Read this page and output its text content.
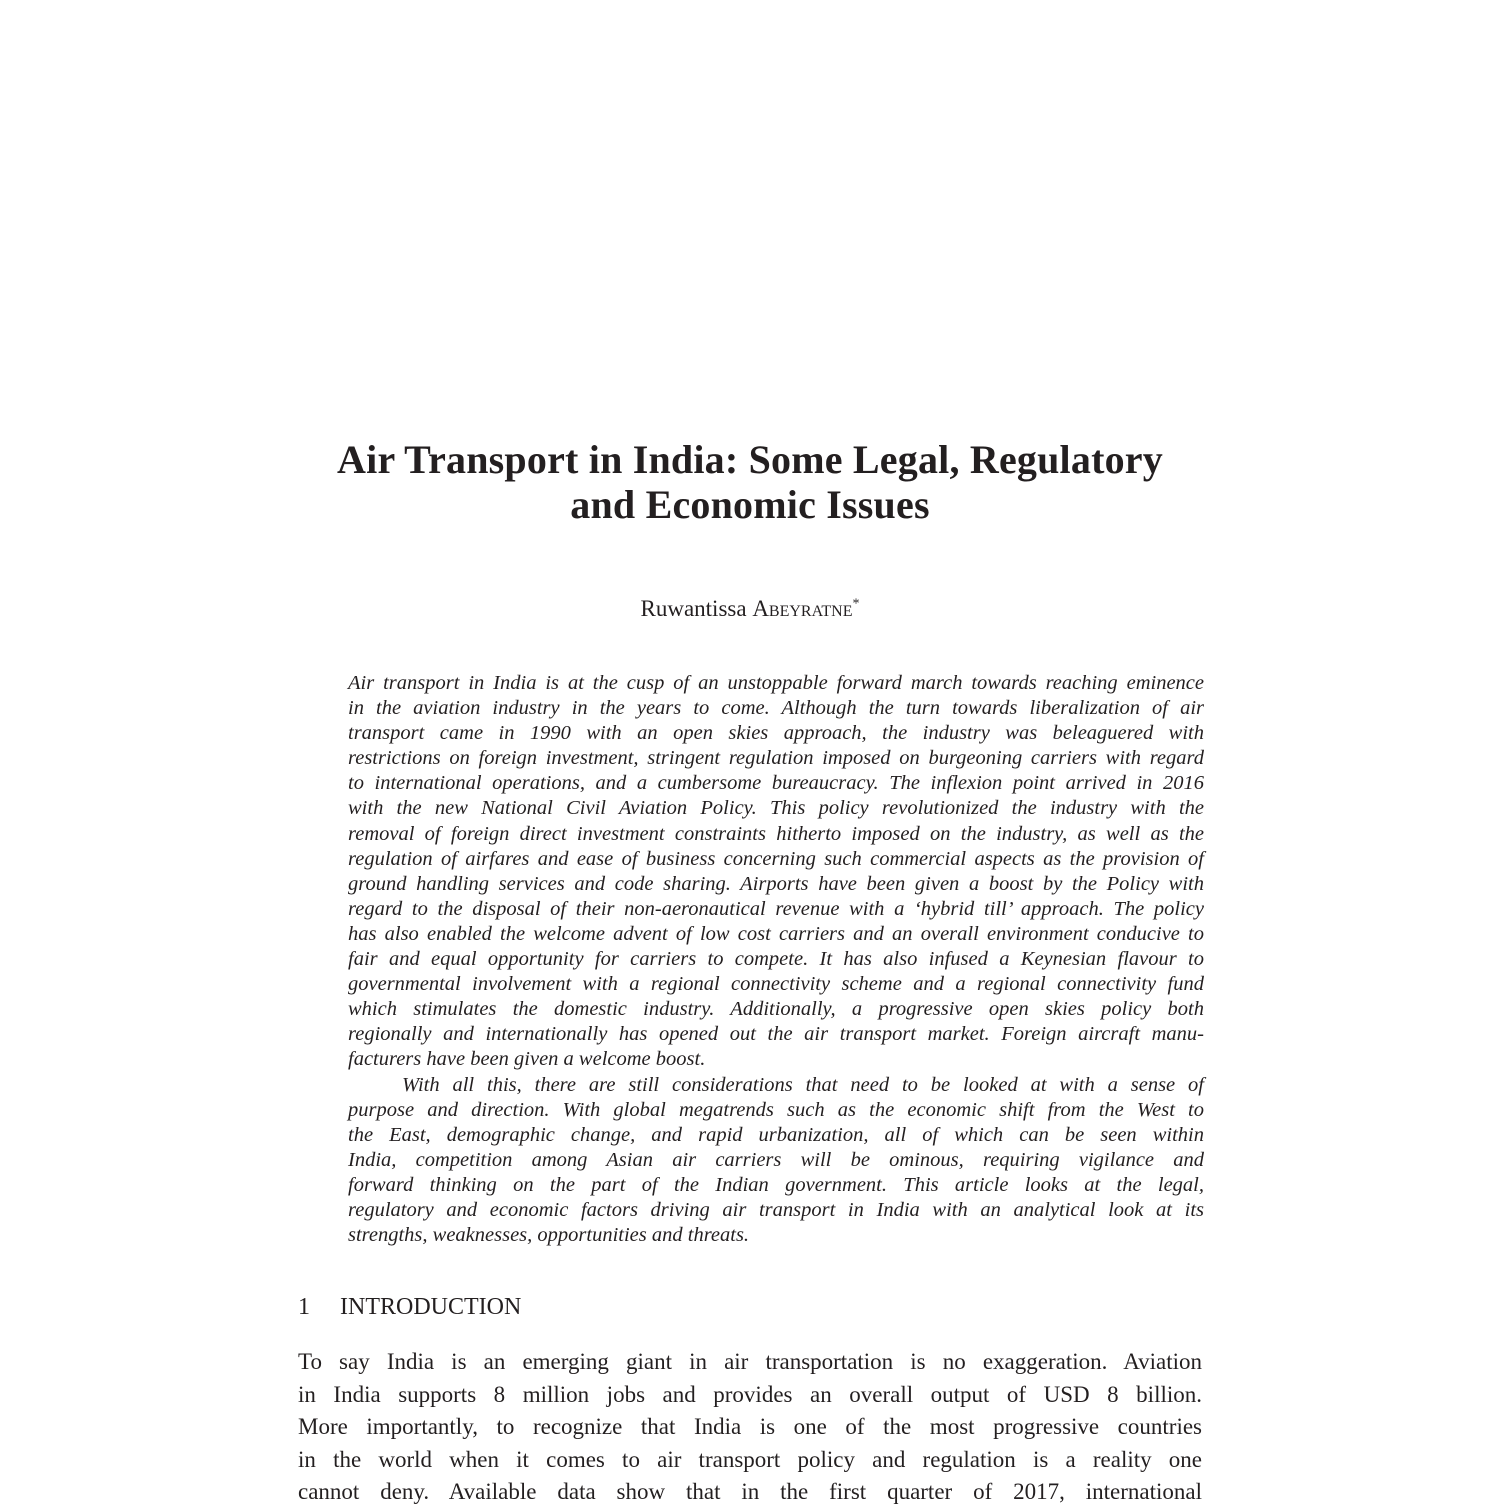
Air Transport in India: Some Legal, Regulatory
and Economic Issues
Ruwantissa Abeyratne*
Air transport in India is at the cusp of an unstoppable forward march towards reaching eminence
in the aviation industry in the years to come. Although the turn towards liberalization of air
transport came in 1990 with an open skies approach, the industry was beleaguered with
restrictions on foreign investment, stringent regulation imposed on burgeoning carriers with regard
to international operations, and a cumbersome bureaucracy. The inflexion point arrived in 2016
with the new National Civil Aviation Policy. This policy revolutionized the industry with the
removal of foreign direct investment constraints hitherto imposed on the industry, as well as the
regulation of airfares and ease of business concerning such commercial aspects as the provision of
ground handling services and code sharing. Airports have been given a boost by the Policy with
regard to the disposal of their non-aeronautical revenue with a ‘hybrid till’ approach. The policy
has also enabled the welcome advent of low cost carriers and an overall environment conducive to
fair and equal opportunity for carriers to compete. It has also infused a Keynesian flavour to
governmental involvement with a regional connectivity scheme and a regional connectivity fund
which stimulates the domestic industry. Additionally, a progressive open skies policy both
regionally and internationally has opened out the air transport market. Foreign aircraft manu-
facturers have been given a welcome boost.
With all this, there are still considerations that need to be looked at with a sense of
purpose and direction. With global megatrends such as the economic shift from the West to
the East, demographic change, and rapid urbanization, all of which can be seen within
India, competition among Asian air carriers will be ominous, requiring vigilance and
forward thinking on the part of the Indian government. This article looks at the legal,
regulatory and economic factors driving air transport in India with an analytical look at its
strengths, weaknesses, opportunities and threats.
1 INTRODUCTION
To say India is an emerging giant in air transportation is no exaggeration. Aviation
in India supports 8 million jobs and provides an overall output of USD 8 billion.
More importantly, to recognize that India is one of the most progressive countries
in the world when it comes to air transport policy and regulation is a reality one
cannot deny. Available data show that in the first quarter of 2017, international
